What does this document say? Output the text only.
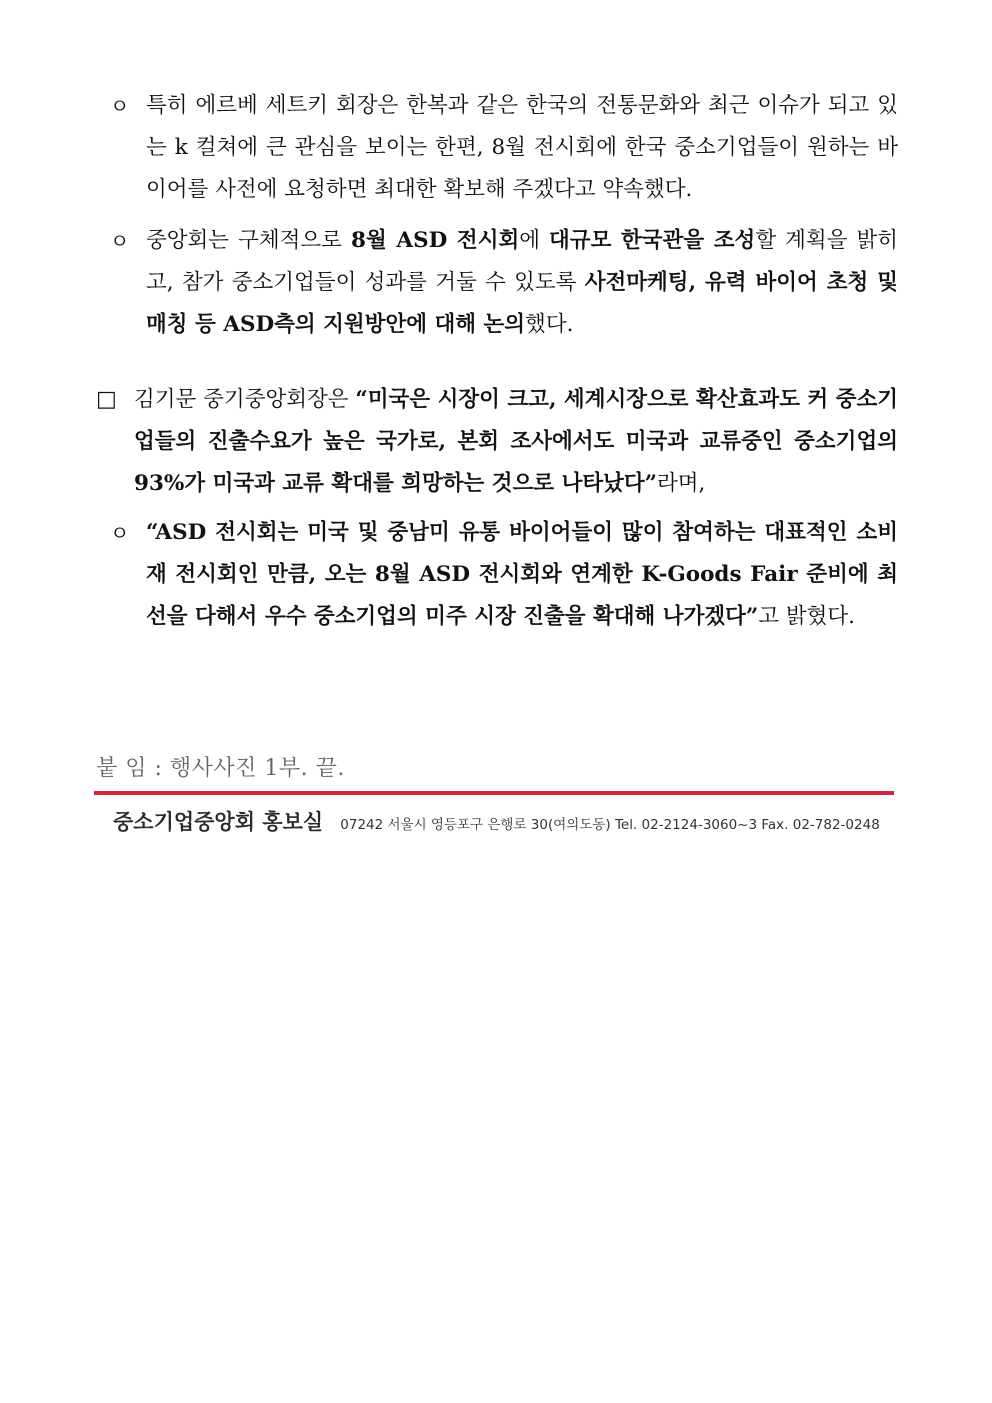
ㅇ 특히 에르베 세트키 회장은 한복과 같은 한국의 전통문화와 최근 이슈가 되고 있는 k 컬쳐에 큰 관심을 보이는 한편, 8월 전시회에 한국 중소기업들이 원하는 바이어를 사전에 요청하면 최대한 확보해 주겠다고 약속했다.
ㅇ 중앙회는 구체적으로 8월 ASD 전시회에 대규모 한국관을 조성할 계획을 밝히고, 참가 중소기업들이 성과를 거둘 수 있도록 사전마케팅, 유력 바이어 초청 및 매칭 등 ASD측의 지원방안에 대해 논의했다.
□ 김기문 중기중앙회장은 “미국은 시장이 크고, 세계시장으로 확산효과도 커 중소기업들의 진출수요가 높은 국가로, 본회 조사에서도 미국과 교류중인 중소기업의 93%가 미국과 교류 확대를 희망하는 것으로 나타났다”라며,
ㅇ “ASD 전시회는 미국 및 중남미 유통 바이어들이 많이 참여하는 대표적인 소비재 전시회인 만큼, 오는 8월 ASD 전시회와 연계한 K-Goods Fair 준비에 최선을 다해서 우수 중소기업의 미주 시장 진출을 확대해 나가겠다”고 밝혔다.
붙 임 : 행사사진 1부. 끝.
중소기업중앙회 홍보실 07242 서울시 영등포구 은행로 30(여의도동) Tel. 02-2124-3060~3 Fax. 02-782-0248
